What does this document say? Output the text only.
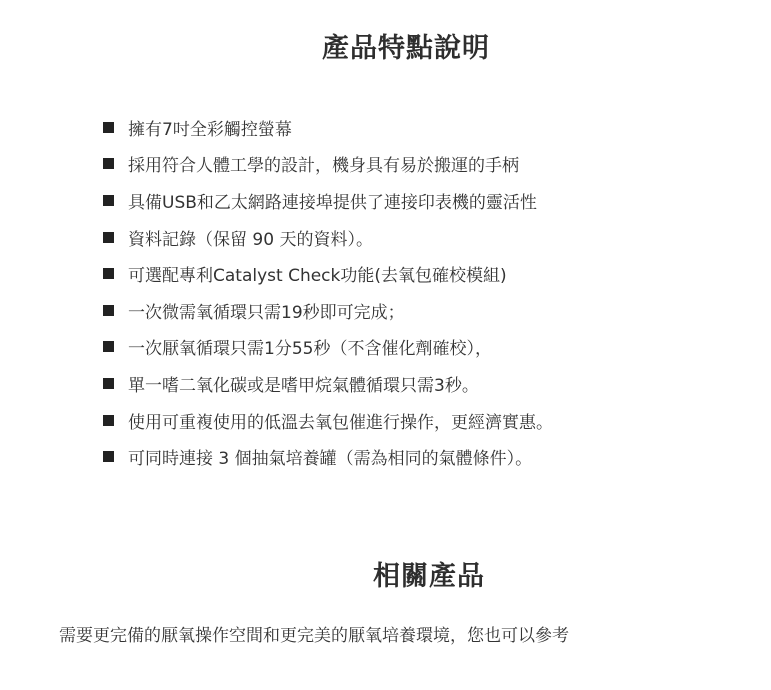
產品特點說明
擁有7吋全彩觸控螢幕
採用符合人體工學的設計，機身具有易於搬運的手柄
具備USB和乙太網路連接埠提供了連接印表機的靈活性
資料記錄（保留 90 天的資料）。
可選配專利Catalyst Check功能(去氧包確校模組)
一次微需氧循環只需19秒即可完成；
一次厭氧循環只需1分55秒（不含催化劑確校），
單一嗜二氧化碳或是嗜甲烷氣體循環只需3秒。
使用可重複使用的低溫去氧包催進行操作，更經濟實惠。
可同時連接 3 個抽氣培養罐（需為相同的氣體條件）。
相關產品

需要更完備的厭氧操作空間和更完美的厭氧培養環境，您也可以參考
